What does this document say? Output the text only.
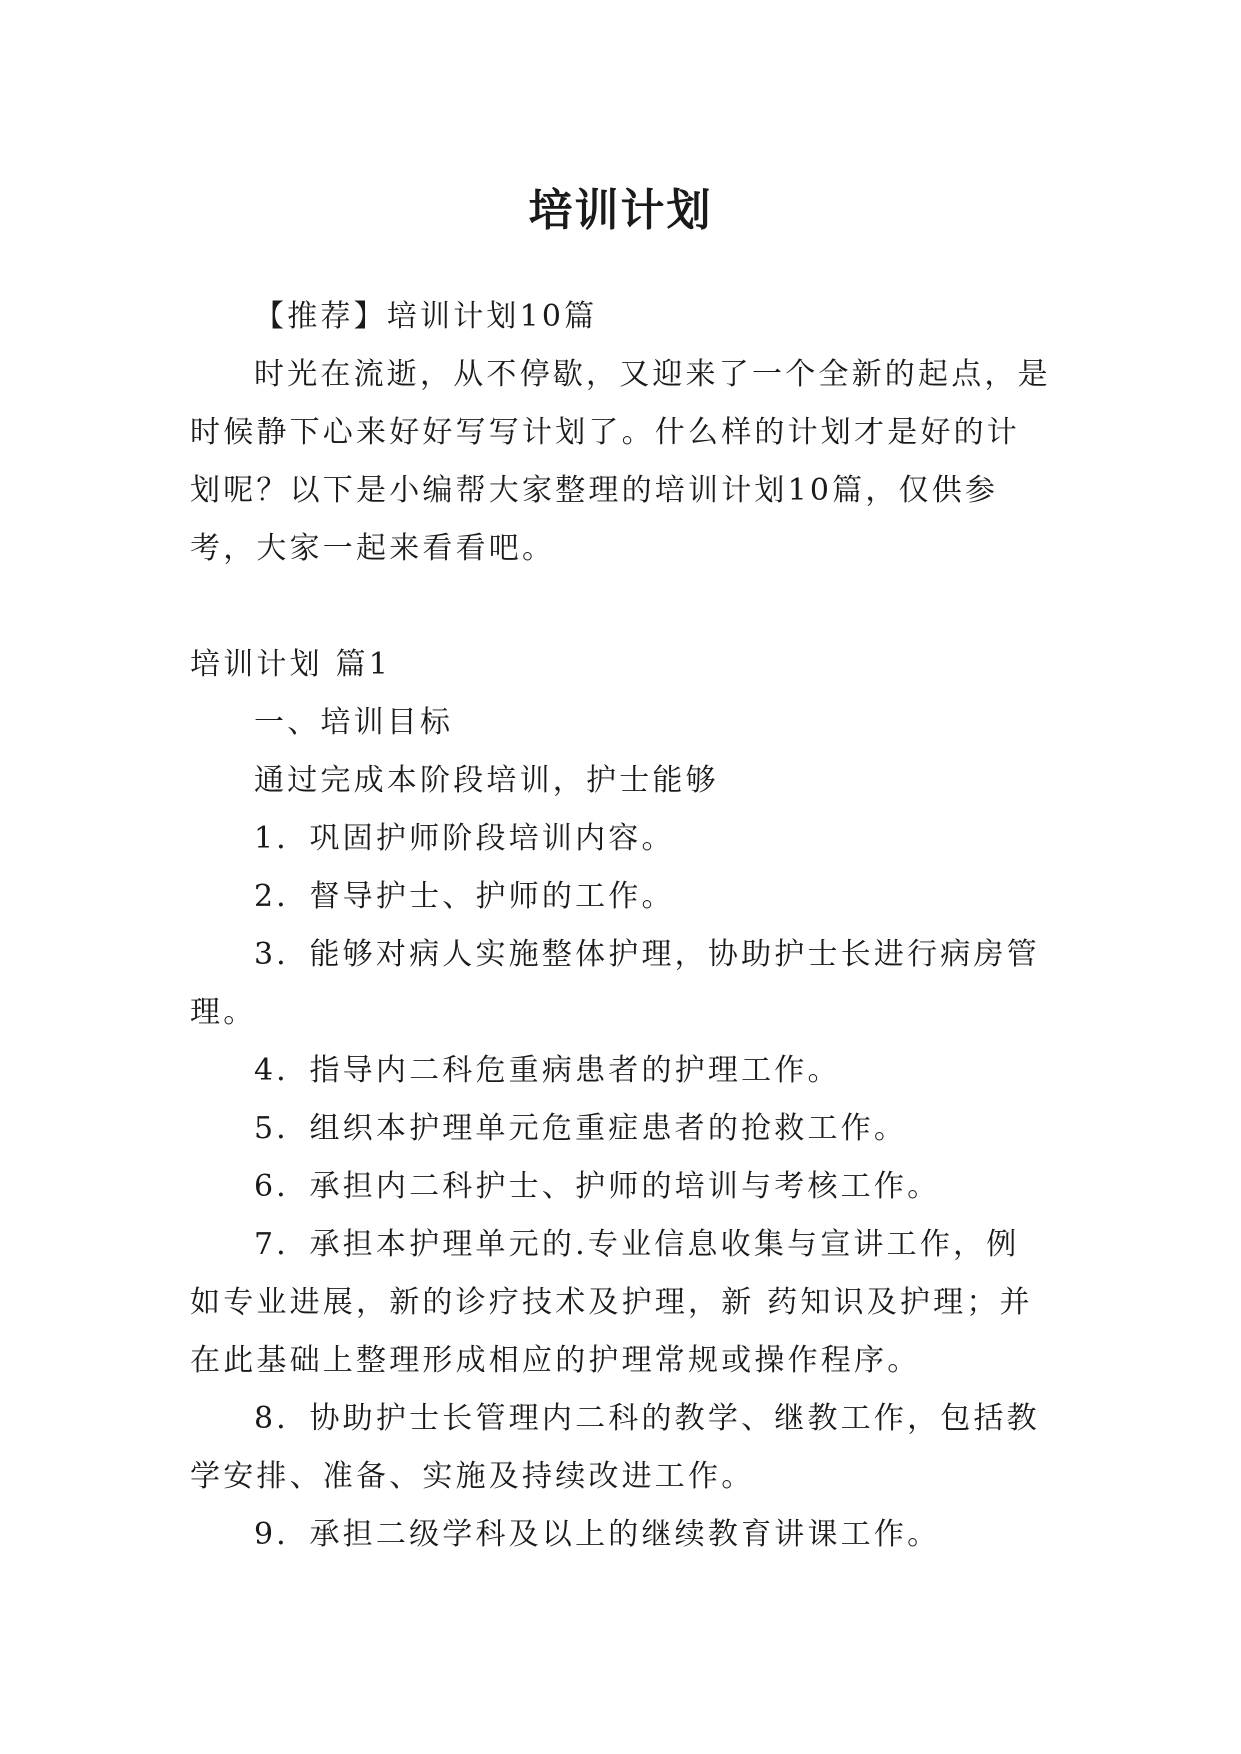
培训计划

【推荐】培训计划10篇

时光在流逝，从不停歇，又迎来了一个全新的起点，是时候静下心来好好写写计划了。什么样的计划才是好的计划呢？以下是小编帮大家整理的培训计划10篇，仅供参考，大家一起来看看吧。

培训计划 篇1

一、培训目标

通过完成本阶段培训，护士能够

1．巩固护师阶段培训内容。

2．督导护士、护师的工作。

3．能够对病人实施整体护理，协助护士长进行病房管理。

4．指导内二科危重病患者的护理工作。

5．组织本护理单元危重症患者的抢救工作。

6．承担内二科护士、护师的培训与考核工作。

7．承担本护理单元的.专业信息收集与宣讲工作，例如专业进展，新的诊疗技术及护理，新 药知识及护理；并在此基础上整理形成相应的护理常规或操作程序。

8．协助护士长管理内二科的教学、继教工作，包括教学安排、准备、实施及持续改进工作。

9．承担二级学科及以上的继续教育讲课工作。
